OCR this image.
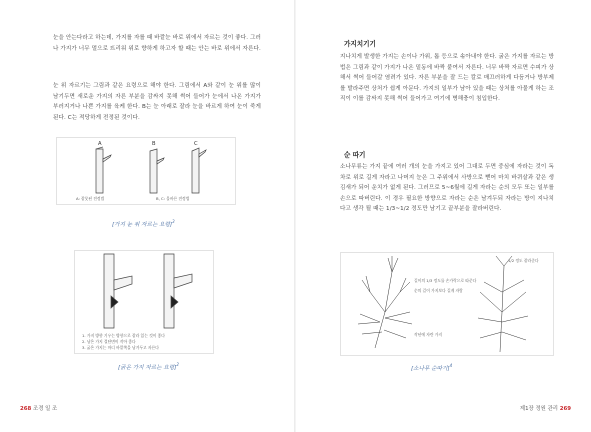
눈을 안는다라고 하는데, 가지를 자를 때 바깥눈 바로 위에서 자르는 것이 좋다. 그러나 가지가 너무 멀으로 뜨리워 위로 향하게 하고자 할 때는 안는 바로 위에서 자른다.

눈 위 자르기는 그림과 같은 요령으로 해야 한다. 그림에서 A와 같이 눈 위를 많이 남기두면 새로운 가지의 자른 부분을 감싸지 못해 썩어 들어가 눈에서 나온 가지가 부러지거나 나쁜 가지를 육케 한다. B는 눈 아래로 잘라 눈을 바르게 하여 눈이 죽게 된다. C는 적당하게 전정된 것이다.

A	B	C
A: 잘못된 전정법	B, C: 올바른 전정법
[가지 눈 위 자르는 요령]$^3$
1. 가지 방향 기우는 방향으로 잘라 있는 것이 좋다
2. 남은 가지 절단면이 작아 좋다
3. 굵은 가지는 마디 바깥쪽을 남겨두고 자른다
[굵은 가지 자르는 요령]$^2$
268 조경 일 조
가지치기기

지나치게 발생한 가지는 손이나 가위, 톱 등으로 솎아내야 한다. 굵은 가지를 자르는 방법은 그림과 같이 가지가 나온 밑동에 바짝 붙여서 자른다. 너무 바짝 자르면 수피가 상해서 썩어 들어갈 염려가 있다. 자른 부분을 잘 드는 칼로 매끄러하게 다듬거나 방부제를 발라주면 상처가 쉽게 아문다. 가지의 일부가 남아 있을 때는 상처를 아물게 하는 조직이 이를 감싸지 못해 썩어 들어가고 여기에 병해충이 침입한다.

순 따기

소나무류는 가지 끝에 여러 개의 눈을 가지고 있어 그대로 두면 중심에 자라는 것이 독차로 위로 길게 자라고 나머지 눈은 그 주위에서 사방으로 뻗어 마치 바퀴살과 같은 생김새가 되어 운치가 없게 된다. 그러므로 5~6월에 길게 자라는 순의 모두 또는 일부를 손으로 따버린다. 이 경우 필요한 방향으로 자라는 순은 남겨두되 자라는 방이 지나치다고 생각 될 때는 1/3~1/2 정도만 남기고 끝부분을 잘라버린다.

길이의 1/3 정도를 손가락으로 따준다
순의 길이 가지보다 길게 자람
작년에 자란 가지
1/2 정도 잘라준다
[소나무 순따기]$^4$
제1장 정원 관리 269
